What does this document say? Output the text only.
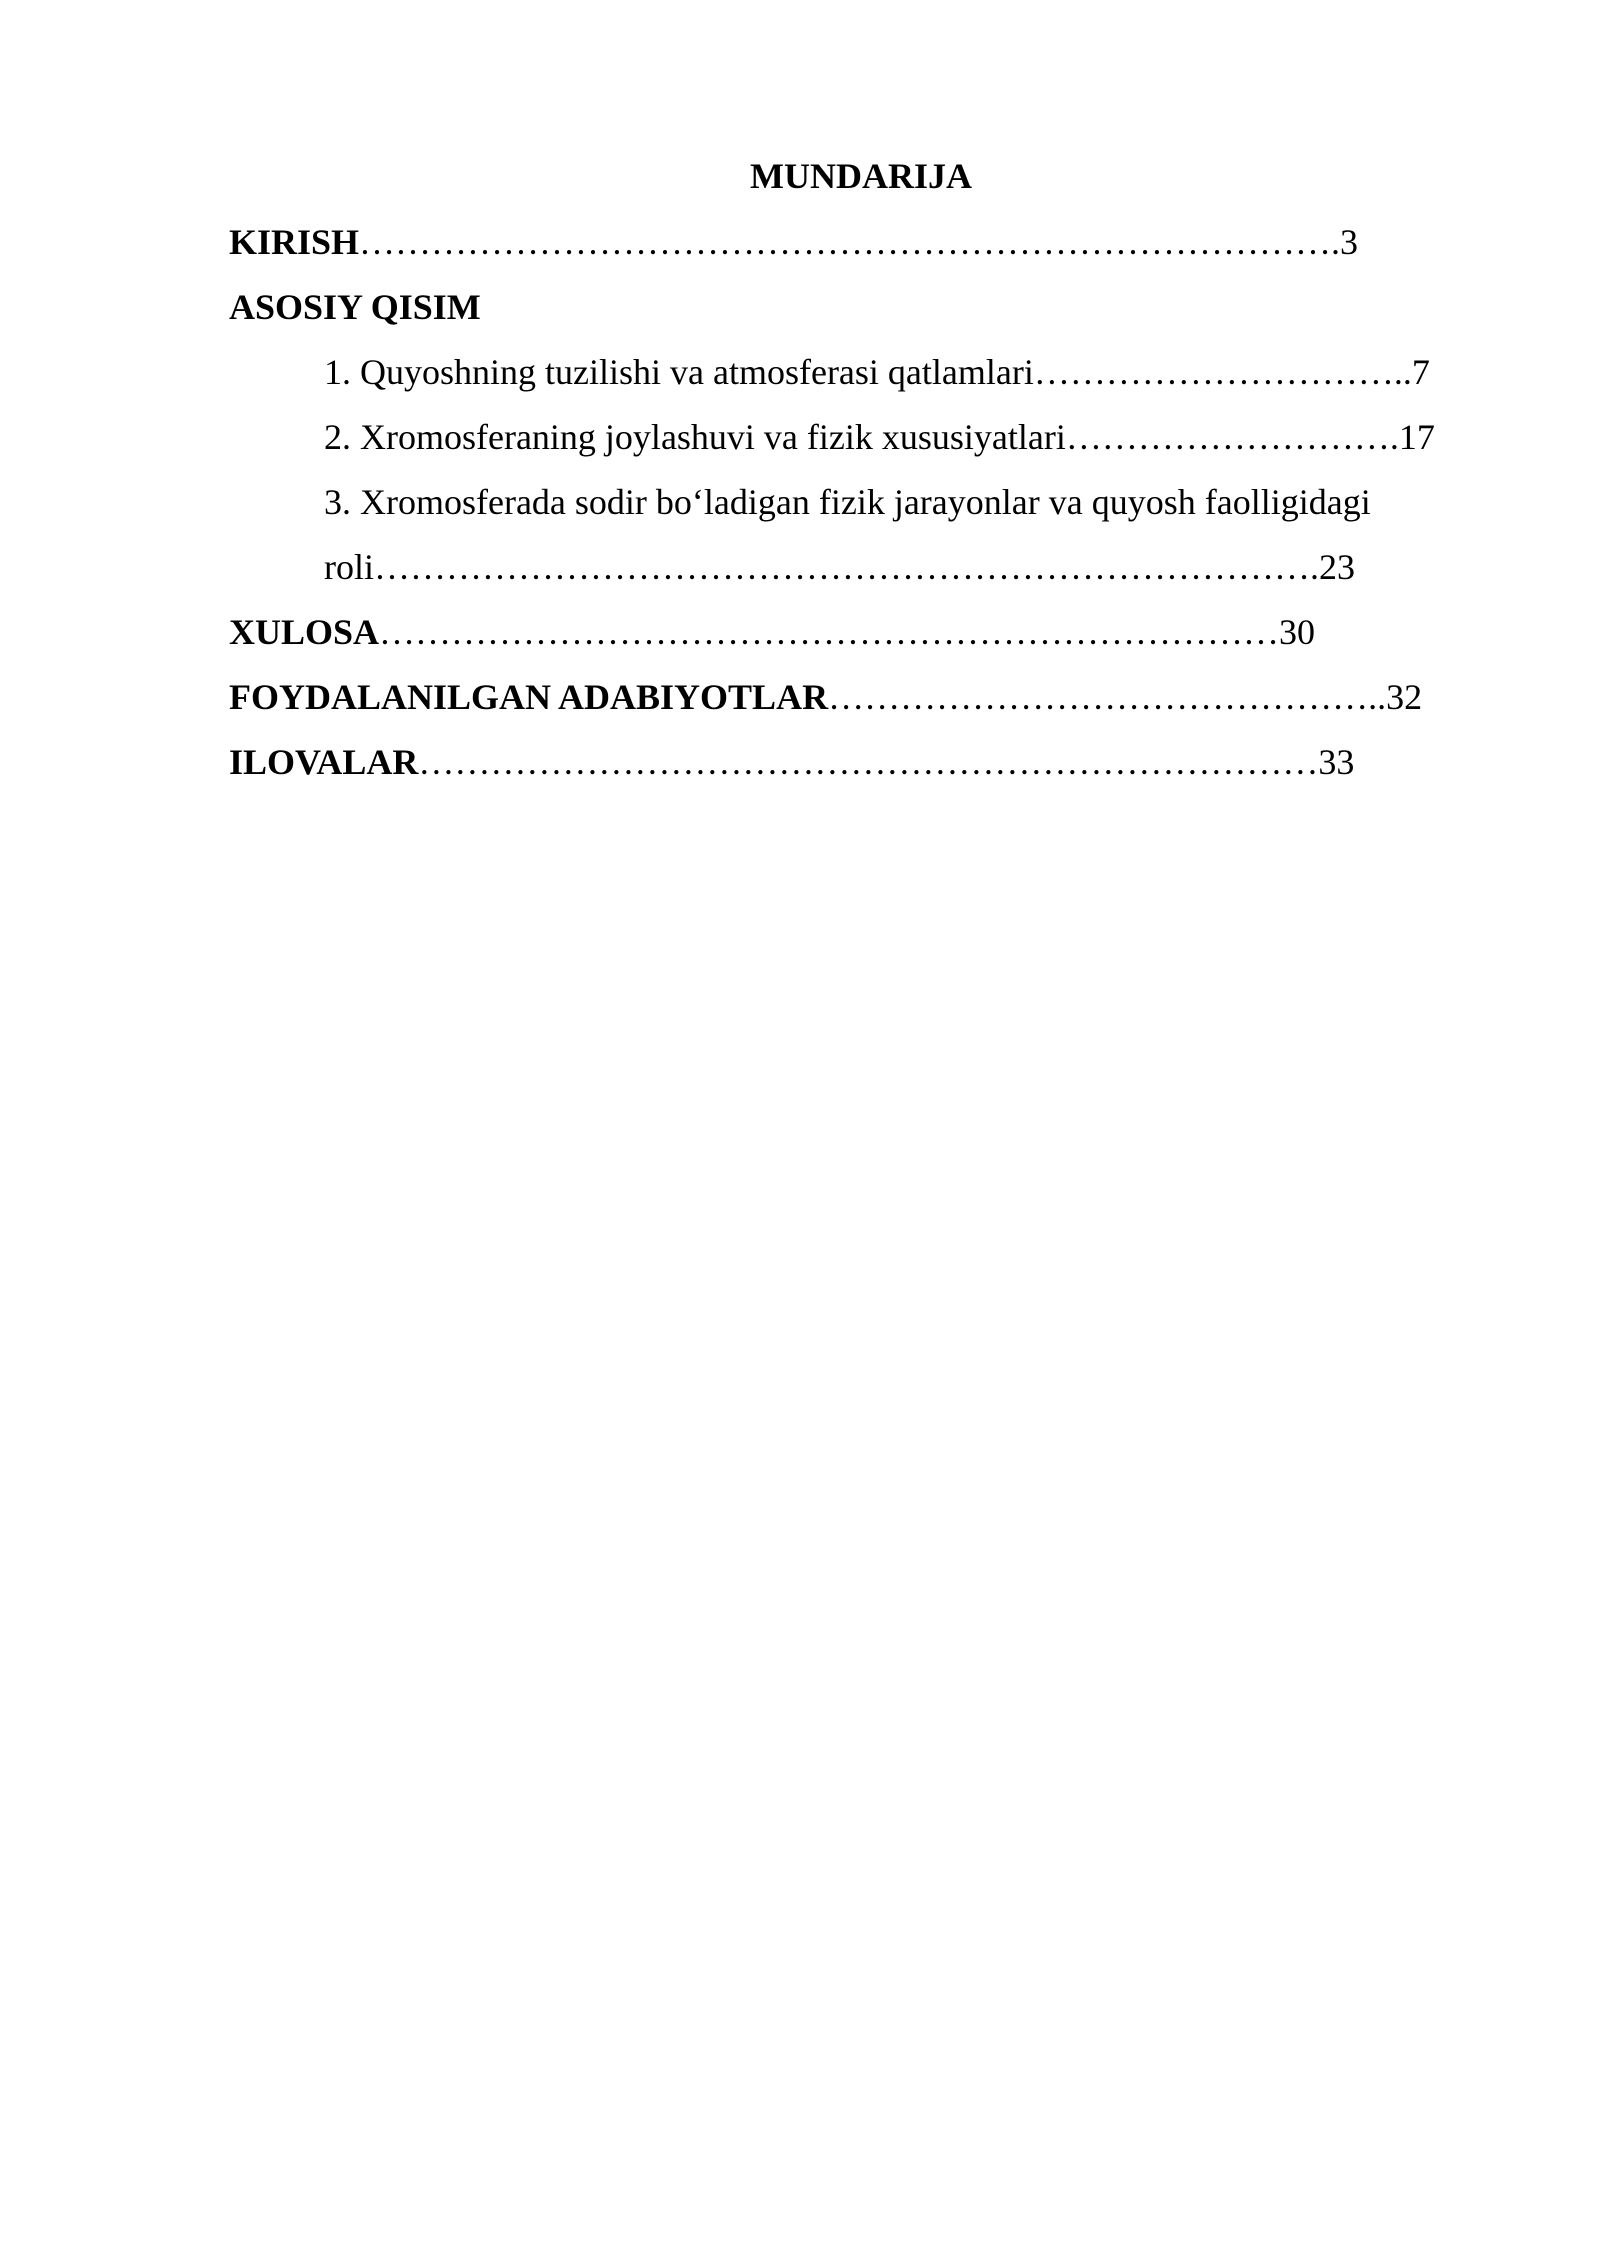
MUNDARIJA
KIRISH……………………………………………………………………….3
ASOSIY QISIM
1. Quyoshning tuzilishi va atmosferasi qatlamlari…………………………..7
2. Xromosferaning joylashuvi va fizik xususiyatlari……………………….17
3. Xromosferada sodir boʻladigan fizik jarayonlar va quyosh faolligidagi
roli…………………………………………………………………….23
XULOSA…………………………………………………………………30
FOYDALANILGAN ADABIYOTLAR………………………………………..32
ILOVALAR…………………………………………………………………33
